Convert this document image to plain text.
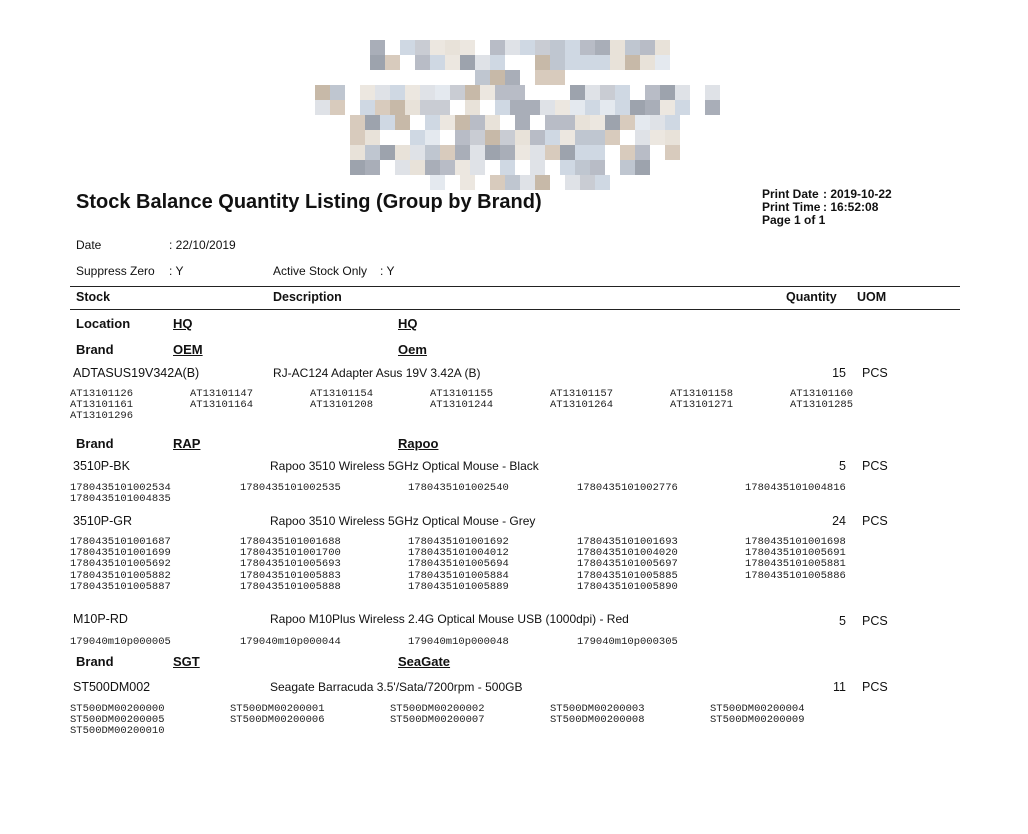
Stock Balance Quantity Listing (Group by Brand)	Print Date : 2019-10-22
Print Time : 16:52:08
Page 1 of 1
Date	: 22/10/2019
Suppress Zero : Y	Active Stock Only : Y
Stock	Description	Quantity UOM
Location	HQ	HQ
Brand	OEM	Oem
ADTASUS19V342A(B)	RJ-AC124 Adapter Asus 19V 3.42A (B)	15 PCS
AT13101126	AT13101147	AT13101154	AT13101155	AT13101157	AT13101158	AT13101160
AT13101161	AT13101164	AT13101208	AT13101244	AT13101264	AT13101271	AT13101285
AT13101296
Brand	RAP	Rapoo
3510P-BK	Rapoo 3510 Wireless 5GHz Optical Mouse - Black	5 PCS
1780435101002534	1780435101002535	1780435101002540	1780435101002776	1780435101004816
1780435101004835
3510P-GR	Rapoo 3510 Wireless 5GHz Optical Mouse - Grey	24 PCS
1780435101001687	1780435101001688	1780435101001692	1780435101001693	1780435101001698
1780435101001699	1780435101001700	1780435101004012	1780435101004020	1780435101005691
1780435101005692	1780435101005693	1780435101005694	1780435101005697	1780435101005881
1780435101005882	1780435101005883	1780435101005884	1780435101005885	1780435101005886
1780435101005887	1780435101005888	1780435101005889	1780435101005890
M10P-RD	Rapoo M10Plus Wireless 2.4G Optical Mouse USB (1000dpi) - Red	5 PCS
179040m10p000005	179040m10p000044	179040m10p000048	179040m10p000305
Brand	SGT	SeaGate
ST500DM002	Seagate Barracuda 3.5'/Sata/7200rpm - 500GB	11 PCS
ST500DM00200000	ST500DM00200001	ST500DM00200002	ST500DM00200003	ST500DM00200004
ST500DM00200005	ST500DM00200006	ST500DM00200007	ST500DM00200008	ST500DM00200009
ST500DM00200010
